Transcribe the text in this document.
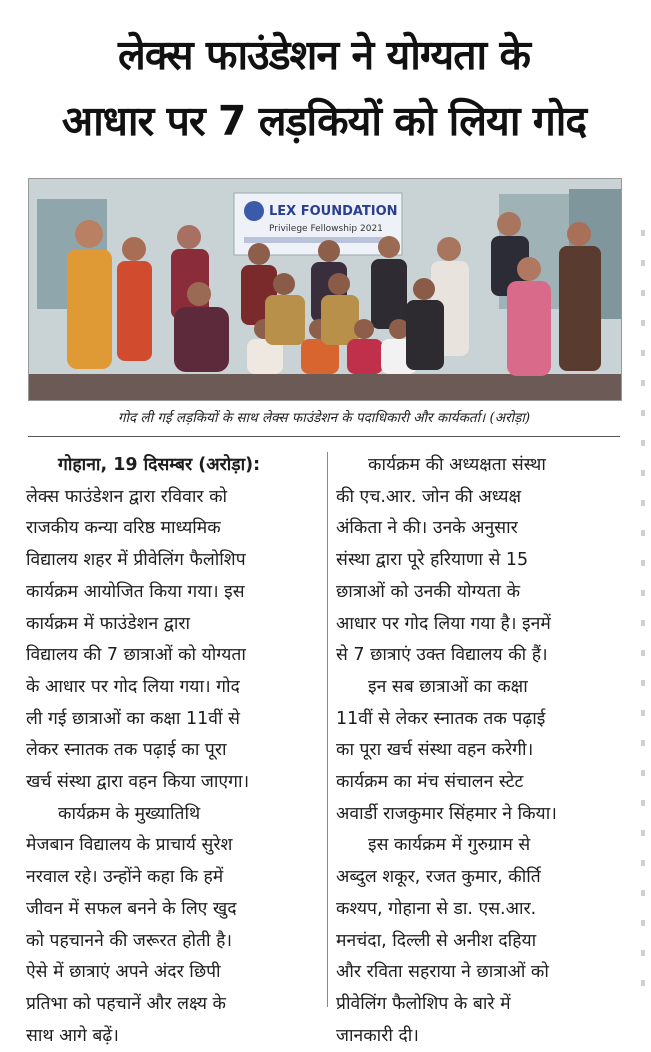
लेक्स फाउंडेशन ने योग्यता के
आधार पर 7 लड़कियों को लिया गोद
LEX FOUNDATION
Privilege Fellowship 2021
गोद ली गई लड़कियों के साथ लेक्स फाउंडेशन के पदाधिकारी और कार्यकर्ता। (अरोड़ा)
गोहाना, 19 दिसम्बर (अरोड़ा):
लेक्स फाउंडेशन द्वारा रविवार को
राजकीय कन्या वरिष्ठ माध्यमिक
विद्यालय शहर में प्रीवेलिंग फैलोशिप
कार्यक्रम आयोजित किया गया। इस
कार्यक्रम में फाउंडेशन द्वारा
विद्यालय की 7 छात्राओं को योग्यता
के आधार पर गोद लिया गया। गोद
ली गई छात्राओं का कक्षा 11वीं से
लेकर स्नातक तक पढ़ाई का पूरा
खर्च संस्था द्वारा वहन किया जाएगा।
कार्यक्रम के मुख्यातिथि
मेजबान विद्यालय के प्राचार्य सुरेश
नरवाल रहे। उन्होंने कहा कि हमें
जीवन में सफल बनने के लिए खुद
को पहचानने की जरूरत होती है।
ऐसे में छात्राएं अपने अंदर छिपी
प्रतिभा को पहचानें और लक्ष्य के
साथ आगे बढ़ें।
कार्यक्रम की अध्यक्षता संस्था
की एच.आर. जोन की अध्यक्ष
अंकिता ने की। उनके अनुसार
संस्था द्वारा पूरे हरियाणा से 15
छात्राओं को उनकी योग्यता के
आधार पर गोद लिया गया है। इनमें
से 7 छात्राएं उक्त विद्यालय की हैं।
इन सब छात्राओं का कक्षा
11वीं से लेकर स्नातक तक पढ़ाई
का पूरा खर्च संस्था वहन करेगी।
कार्यक्रम का मंच संचालन स्टेट
अवार्डी राजकुमार सिंहमार ने किया।
इस कार्यक्रम में गुरुग्राम से
अब्दुल शकूर, रजत कुमार, कीर्ति
कश्यप, गोहाना से डा. एस.आर.
मनचंदा, दिल्ली से अनीश दहिया
और रविता सहराया ने छात्राओं को
प्रीवेलिंग फैलोशिप के बारे में
जानकारी दी।
